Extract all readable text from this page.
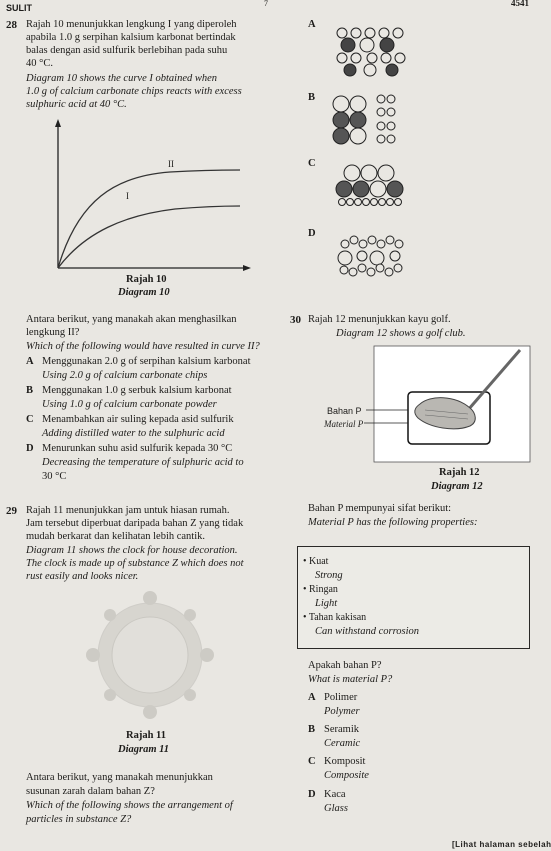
SULIT	7	4541
28 Rajah 10 menunjukkan lengkung I yang diperoleh
apabila 1.0 g serpihan kalsium karbonat bertindak
balas dengan asid sulfurik berlebihan pada suhu
40 °C.
Diagram 10 shows the curve I obtained when
1.0 g of calcium carbonate chips reacts with excess
sulphuric acid at 40 °C.
II
I
Rajah 10
Diagram 10
Antara berikut, yang manakah akan menghasilkan
lengkung II?
Which of the following would have resulted in curve II?
A Menggunakan 2.0 g of serpihan kalsium karbonat
Using 2.0 g of calcium carbonate chips
B Menggunakan 1.0 g serbuk kalsium karbonat
Using 1.0 g of calcium carbonate powder
C Menambahkan air suling kepada asid sulfurik
Adding distilled water to the sulphuric acid
D Menurunkan suhu asid sulfurik kepada 30 °C
Decreasing the temperature of sulphuric acid to
30 °C
A
B
C
D
30 Rajah 12 menunjukkan kayu golf.
Diagram 12 shows a golf club.
Bahan P
Material P
Rajah 12
Diagram 12
Bahan P mempunyai sifat berikut:
Material P has the following properties:
• Kuat
Strong
• Ringan
Light
• Tahan kakisan
Can withstand corrosion
Apakah bahan P?
What is material P?
A Polimer
Polymer
B Seramik
Ceramic
C Komposit
Composite
D Kaca
Glass
29 Rajah 11 menunjukkan jam untuk hiasan rumah.
Jam tersebut diperbuat daripada bahan Z yang tidak
mudah berkarat dan kelihatan lebih cantik.
Diagram 11 shows the clock for house decoration.
The clock is made up of substance Z which does not
rust easily and looks nicer.
Rajah 11
Diagram 11
Antara berikut, yang manakah menunjukkan
susunan zarah dalam bahan Z?
Which of the following shows the arrangement of
particles in substance Z?
[Lihat halaman sebelah
